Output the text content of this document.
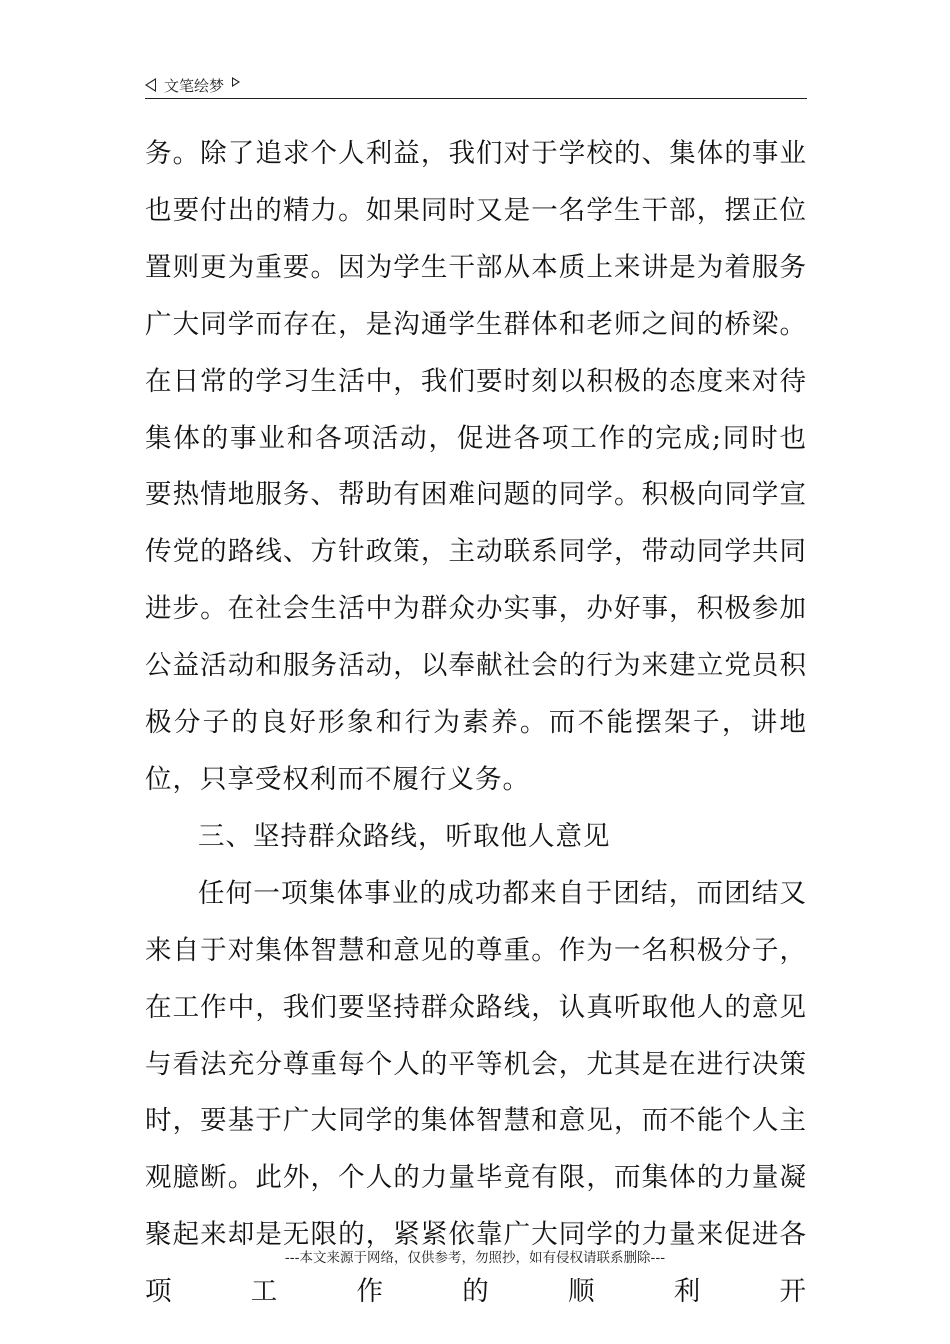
文笔绘梦

务。除了追求个人利益，我们对于学校的、集体的事业也要付出的精力。如果同时又是一名学生干部，摆正位置则更为重要。因为学生干部从本质上来讲是为着服务广大同学而存在，是沟通学生群体和老师之间的桥梁。在日常的学习生活中，我们要时刻以积极的态度来对待集体的事业和各项活动，促进各项工作的完成;同时也要热情地服务、帮助有困难问题的同学。积极向同学宣传党的路线、方针政策，主动联系同学，带动同学共同进步。在社会生活中为群众办实事，办好事，积极参加公益活动和服务活动，以奉献社会的行为来建立党员积极分子的良好形象和行为素养。而不能摆架子，讲地位，只享受权利而不履行义务。

三、坚持群众路线，听取他人意见

任何一项集体事业的成功都来自于团结，而团结又来自于对集体智慧和意见的尊重。作为一名积极分子，在工作中，我们要坚持群众路线，认真听取他人的意见与看法充分尊重每个人的平等机会，尤其是在进行决策时，要基于广大同学的集体智慧和意见，而不能个人主观臆断。此外，个人的力量毕竟有限，而集体的力量凝聚起来却是无限的，紧紧依靠广大同学的力量来促进各项工作的顺利开

---本文来源于网络，仅供参考，勿照抄，如有侵权请联系删除---
